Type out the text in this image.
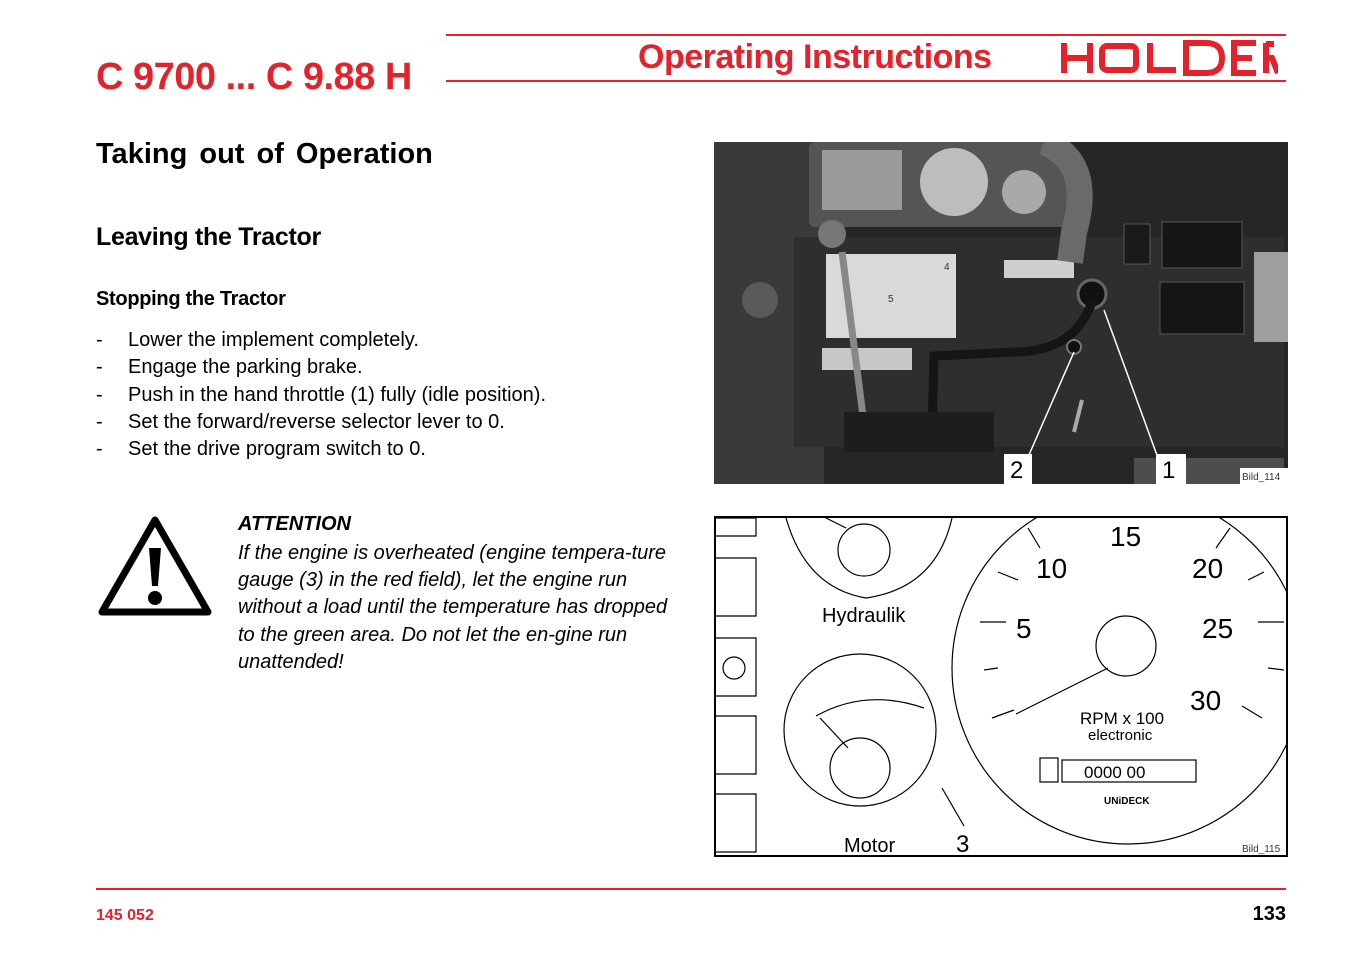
C 9700 ... C 9.88 H	Operating Instructions
Taking out of Operation
Leaving the Tractor
Stopping the Tractor
- Lower the implement completely.
- Engage the parking brake.
- Push in the hand throttle (1) fully (idle position).
- Set the forward/reverse selector lever to 0.
- Set the drive program switch to 0.
ATTENTION

If the engine is overheated (engine tempera-ture gauge (3) in the red field), let the engine run without a load until the temperature has dropped to the green area. Do not let the en-gine run unattended!

4
5
2	1	Bild_114
Hydraulik
Motor	3
15
10	20
5	25
30
RPM x 100
electronic
0000 00
UNiDECK
Bild_115
145 052	133
